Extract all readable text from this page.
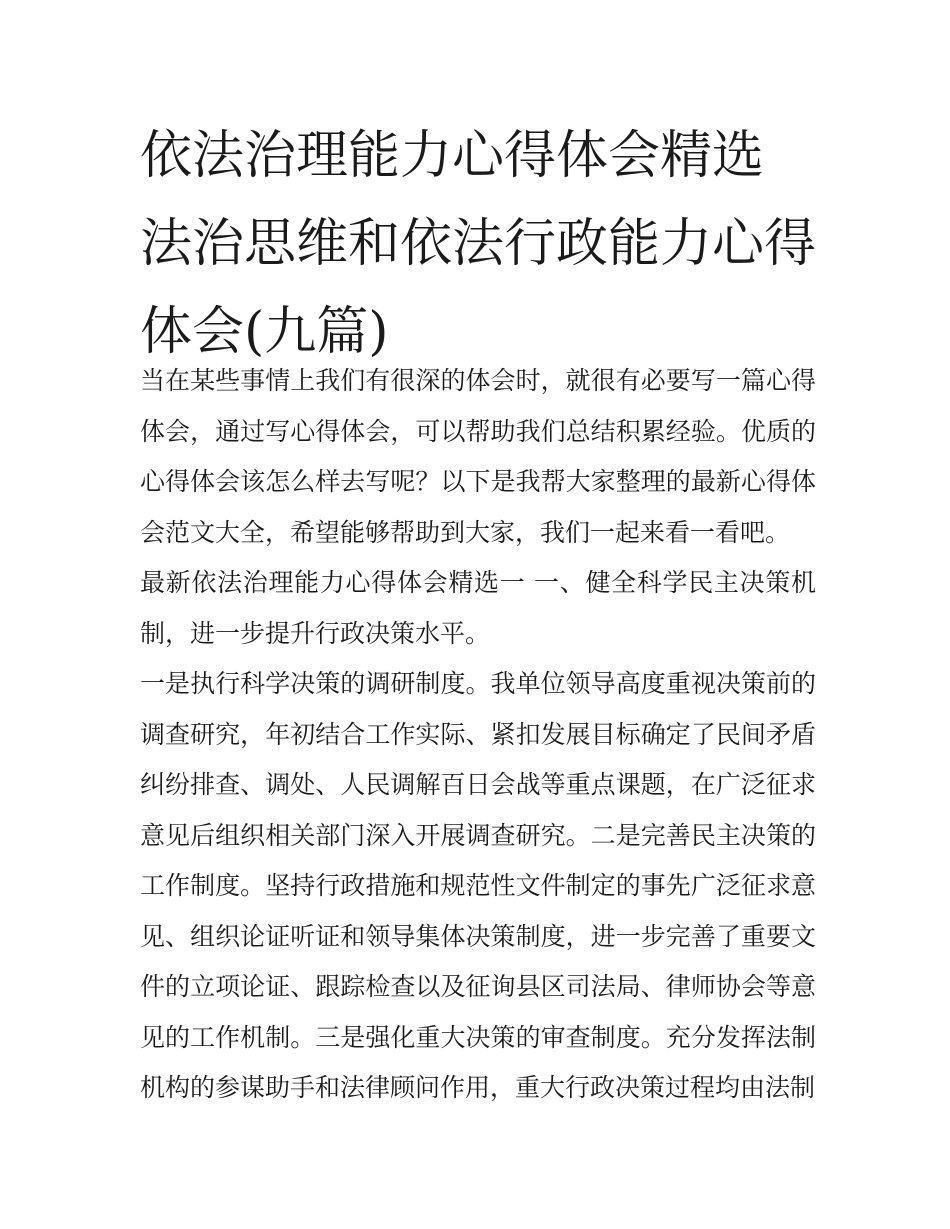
依法治理能力心得体会精选 法治思维和依法行政能力心得体会(九篇)

当在某些事情上我们有很深的体会时，就很有必要写一篇心得体会，通过写心得体会，可以帮助我们总结积累经验。优质的心得体会该怎么样去写呢？以下是我帮大家整理的最新心得体会范文大全，希望能够帮助到大家，我们一起来看一看吧。

最新依法治理能力心得体会精选一 一、健全科学民主决策机制，进一步提升行政决策水平。

一是执行科学决策的调研制度。我单位领导高度重视决策前的调查研究，年初结合工作实际、紧扣发展目标确定了民间矛盾纠纷排查、调处、人民调解百日会战等重点课题，在广泛征求意见后组织相关部门深入开展调查研究。二是完善民主决策的工作制度。坚持行政措施和规范性文件制定的事先广泛征求意见、组织论证听证和领导集体决策制度，进一步完善了重要文件的立项论证、跟踪检查以及征询县区司法局、律师协会等意见的工作机制。三是强化重大决策的审查制度。充分发挥法制机构的参谋助手和法律顾问作用，重大行政决策过程均由法制
